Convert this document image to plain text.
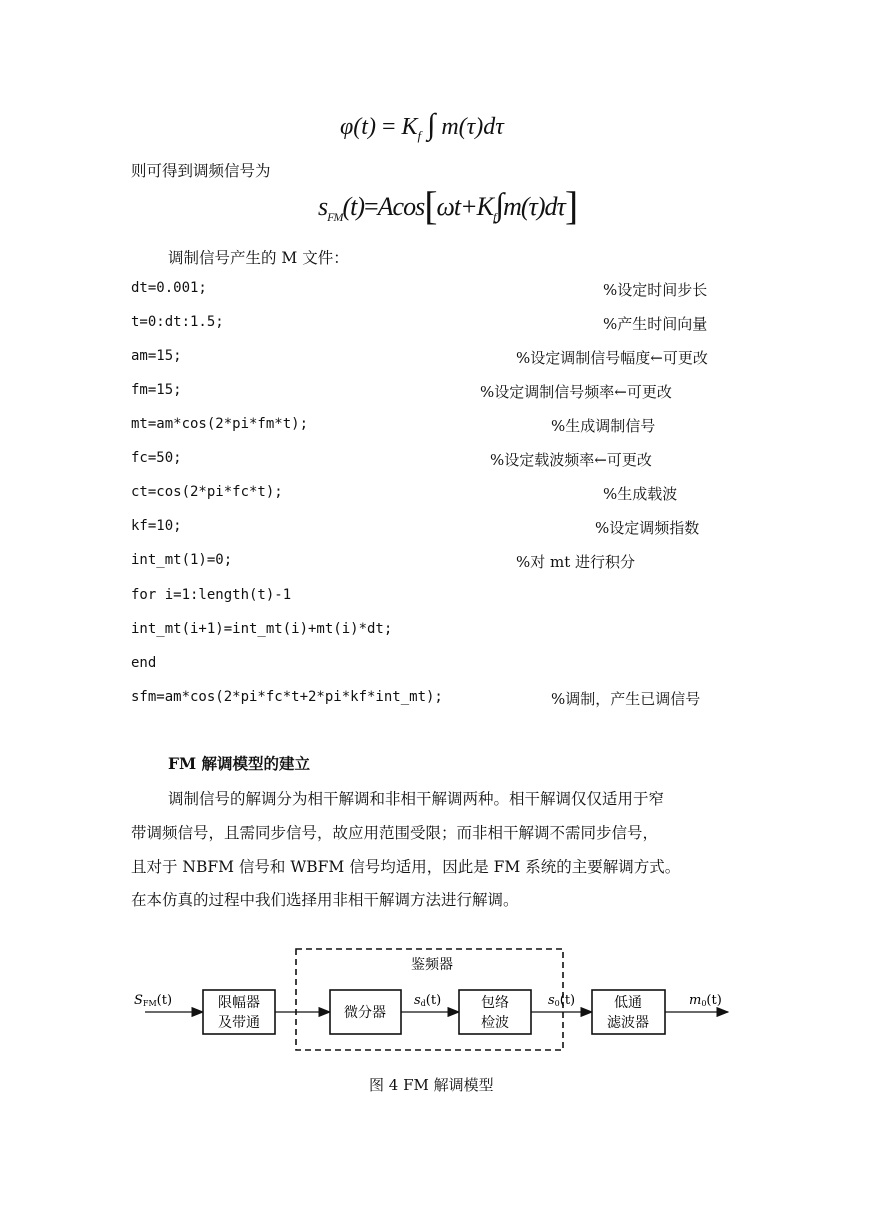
$\varphi(t) = K_f$ ∫ m(τ)dτ
则可得到调频信号为
$s_{FM}(t)=Acos[\omega t+K_f\int m(\tau)d\tau]$
调制信号产生的 M 文件：
dt=0.001;	%设定时间步长
t=0:dt:1.5;	%产生时间向量
am=15;	%设定调制信号幅度←可更改
fm=15;	%设定调制信号频率←可更改
mt=am*cos(2*pi*fm*t);	%生成调制信号
fc=50;	%设定载波频率←可更改
ct=cos(2*pi*fc*t);	%生成载波
kf=10;	%设定调频指数
int_mt(1)=0;	%对 mt 进行积分
for i=1:length(t)-1
int_mt(i+1)=int_mt(i)+mt(i)*dt;
end
sfm=am*cos(2*pi*fc*t+2*pi*kf*int_mt);	%调制，产生已调信号
FM 解调模型的建立
调制信号的解调分为相干解调和非相干解调两种。相干解调仅仅适用于窄
带调频信号，且需同步信号，故应用范围受限；而非相干解调不需同步信号，
且对于 NBFM 信号和 WBFM 信号均适用，因此是 FM 系统的主要解调方式。
在本仿真的过程中我们选择用非相干解调方法进行解调。
鉴频器
SFM(t)	限幅器
及带通
微分器
sd(t)	包络
检波
s0(t)	低通
滤波器
m0(t)
图 4 FM 解调模型
